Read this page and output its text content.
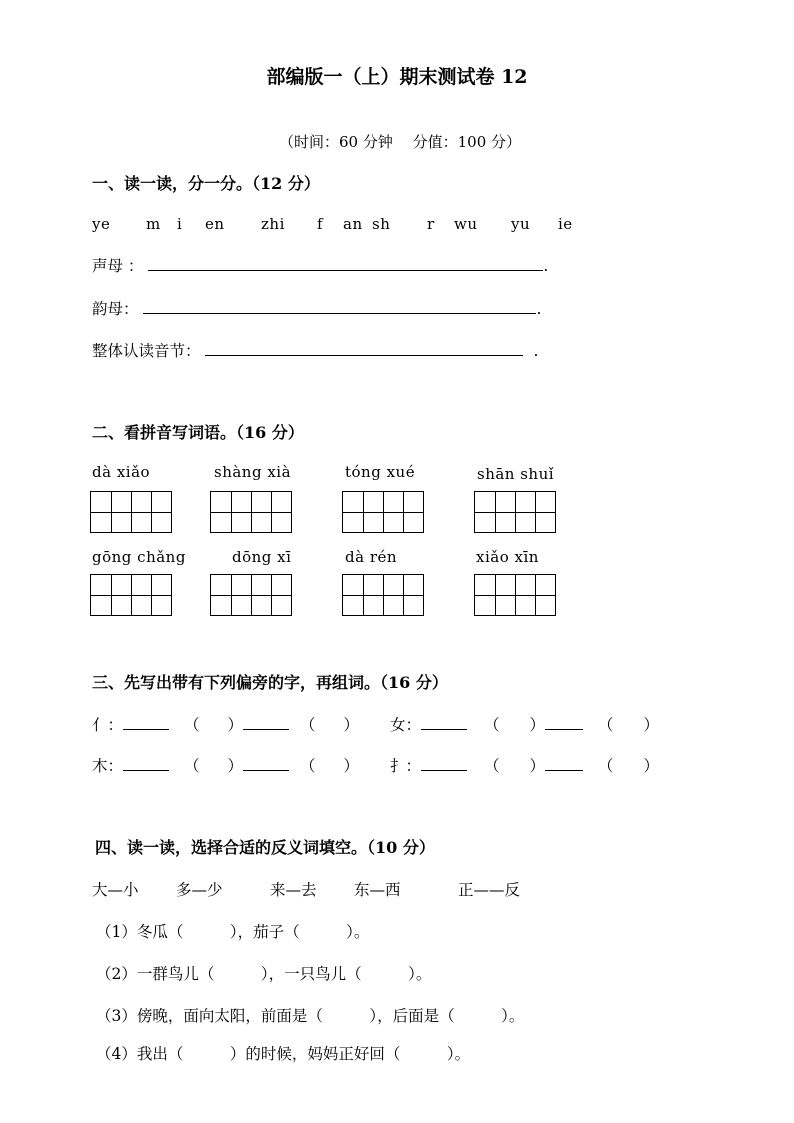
部编版一（上）期末测试卷 12
（时间：60 分钟　 分值：100 分）
一、读一读，分一分。（12 分）
ye m i en zhi f an sh r wu yu ie
声母 ：	.
韵母：	.
整体认读音节：	.
二、看拼音写词语。（16 分）
dà xiǎo	shàng xià	tóng xué	shān shuǐ
gōng chǎng	dōng xī	dà rén	xiǎo xīn
三、先写出带有下列偏旁的字，再组词。（16 分）
亻：	（ ）	（ ） 女：	（ ）	（ ）
木：	（ ）	（ ） 扌：	（ ）	（ ）
四、读一读，选择合适的反义词填空。（10 分）
大—小 多—少	来—去 东—西	正——反
（1）冬瓜（　　　），茄子（　　　）。
（2）一群鸟儿（　　　），一只鸟儿（　　　）。
（3）傍晚，面向太阳，前面是（　　　），后面是（　　　）。
（4）我出（　　　）的时候，妈妈正好回（　　　）。
